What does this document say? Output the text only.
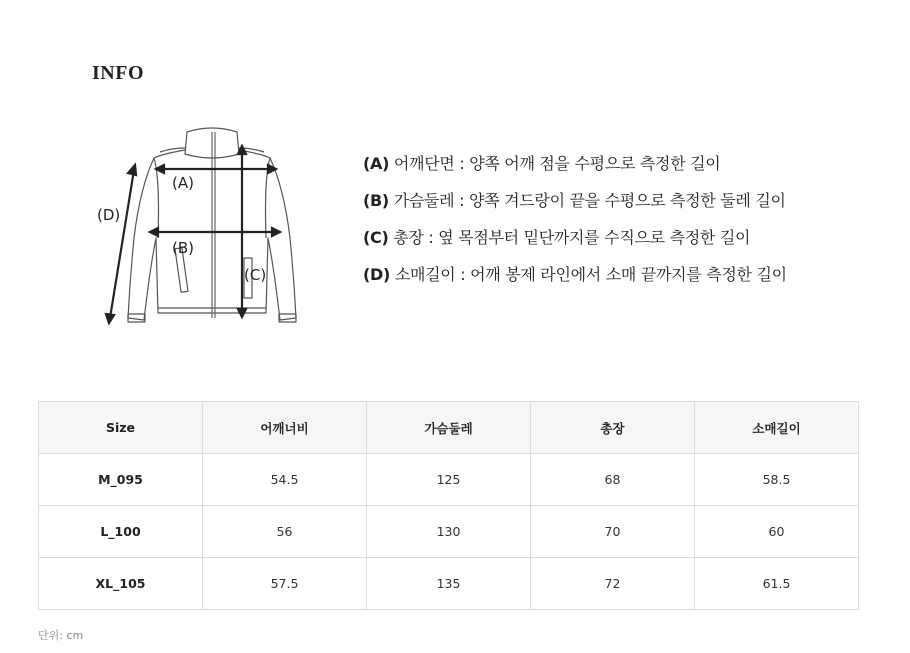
INFO
(A)
(B)
(C)
(D)
(A) 어깨단면 : 양쪽 어깨 점을 수평으로 측정한 길이
(B) 가슴둘레 : 양쪽 겨드랑이 끝을 수평으로 측정한 둘레 길이
(C) 총장 : 옆 목점부터 밑단까지를 수직으로 측정한 길이
(D) 소매길이 : 어깨 봉제 라인에서 소매 끝까지를 측정한 길이
Size	어깨너비	가슴둘레	총장	소매길이
M_095	54.5	125	68	58.5
L_100	56	130	70	60
XL_105	57.5	135	72	61.5
단위: cm
